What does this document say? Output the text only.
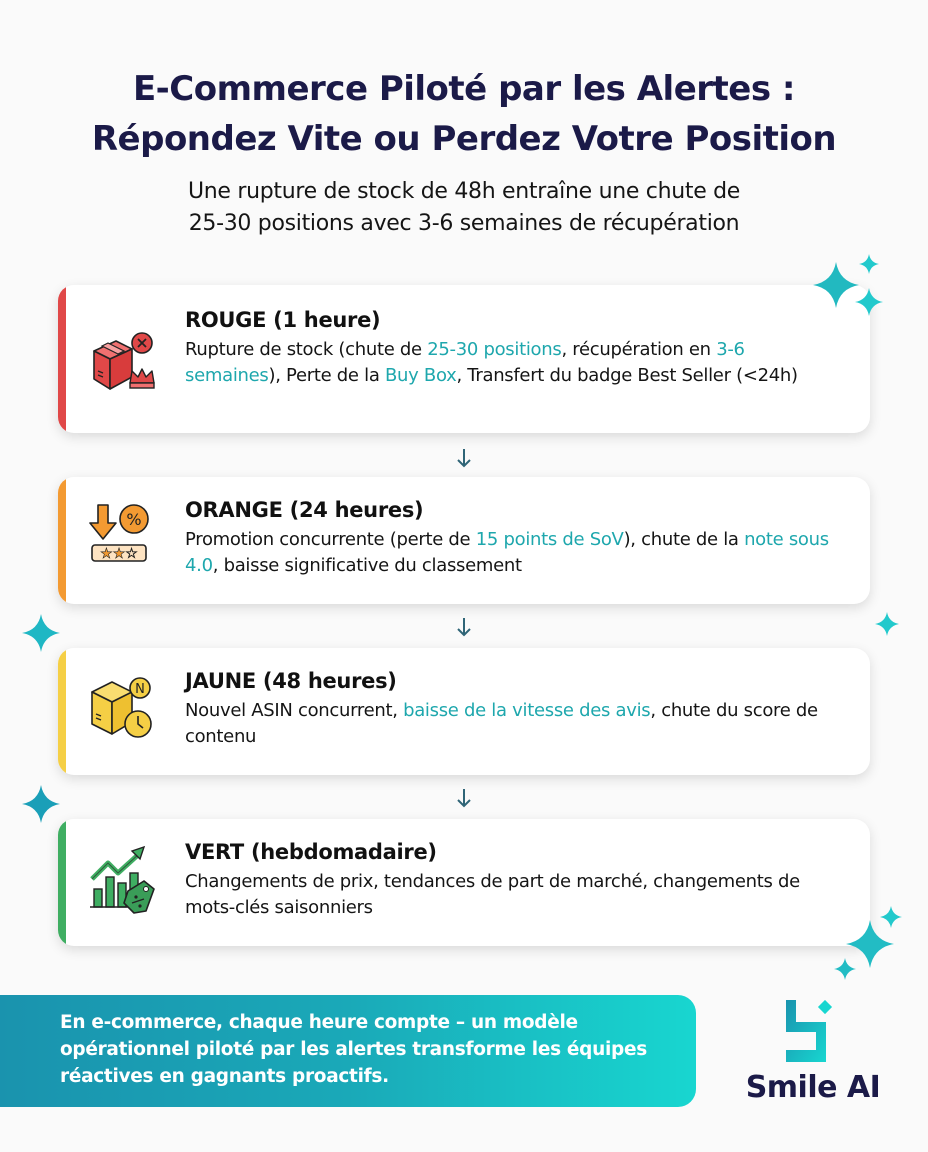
E-Commerce Piloté par les Alertes :
Répondez Vite ou Perdez Votre Position
Une rupture de stock de 48h entraîne une chute de
25-30 positions avec 3-6 semaines de récupération
ROUGE (1 heure)
Rupture de stock (chute de 25-30 positions, récupération en 3-6 semaines), Perte de la Buy Box, Transfert du badge Best Seller (<24h)
%
★★☆
ORANGE (24 heures)
Promotion concurrente (perte de 15 points de SoV), chute de la note sous 4.0, baisse significative du classement
N JAUNE (48 heures)
Nouvel ASIN concurrent, baisse de la vitesse des avis, chute du score de contenu
VERT (hebdomadaire)
Changements de prix, tendances de part de marché, changements de mots-clés saisonniers
En e-commerce, chaque heure compte – un modèle opérationnel piloté par les alertes transforme les équipes réactives en gagnants proactifs.	Smile AI
